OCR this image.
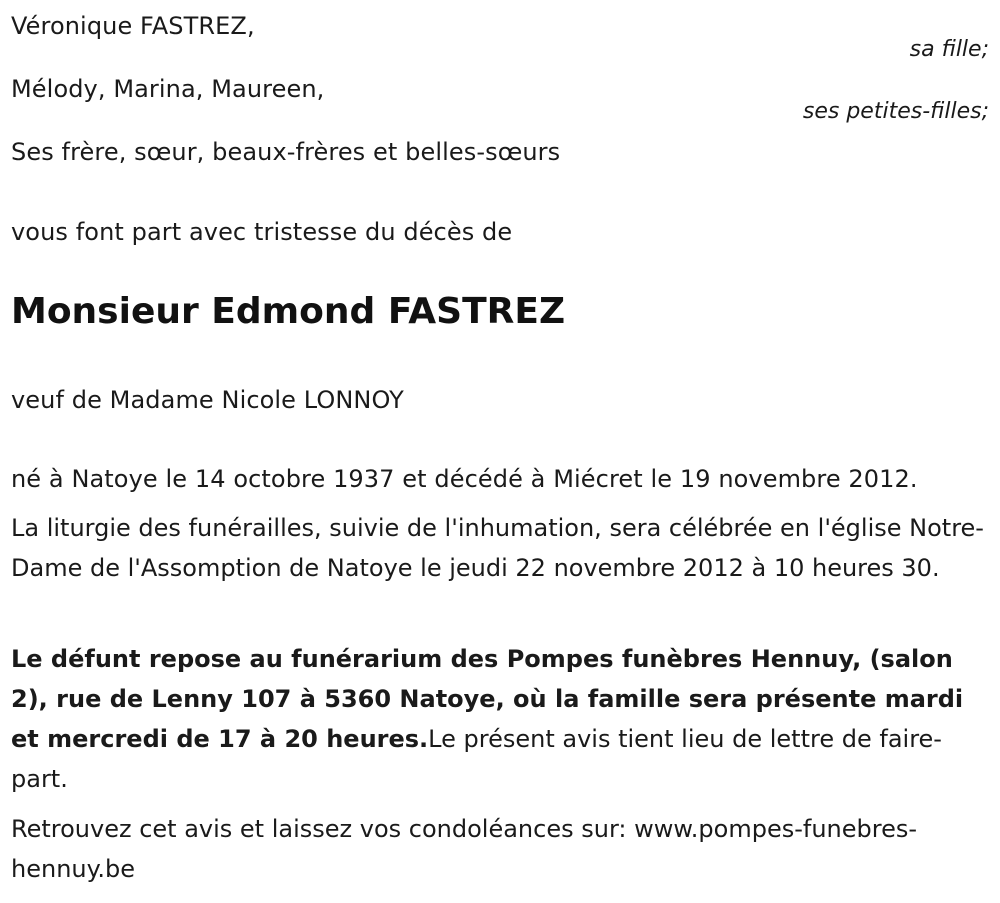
Véronique FASTREZ,
sa fille;
Mélody, Marina, Maureen,
ses petites-filles;
Ses frère, sœur, beaux-frères et belles-sœurs
vous font part avec tristesse du décès de
Monsieur Edmond FASTREZ
veuf de Madame Nicole LONNOY
né à Natoye le 14 octobre 1937 et décédé à Miécret le 19 novembre 2012.
La liturgie des funérailles, suivie de l'inhumation, sera célébrée en l'église Notre-Dame de l'Assomption de Natoye le jeudi 22 novembre 2012 à 10 heures 30.
Le défunt repose au funérarium des Pompes funèbres Hennuy, (salon 2), rue de Lenny 107 à 5360 Natoye, où la famille sera présente mardi et mercredi de 17 à 20 heures.Le présent avis tient lieu de lettre de faire-part.
Retrouvez cet avis et laissez vos condoléances sur: www.pompes-funebres-hennuy.be
